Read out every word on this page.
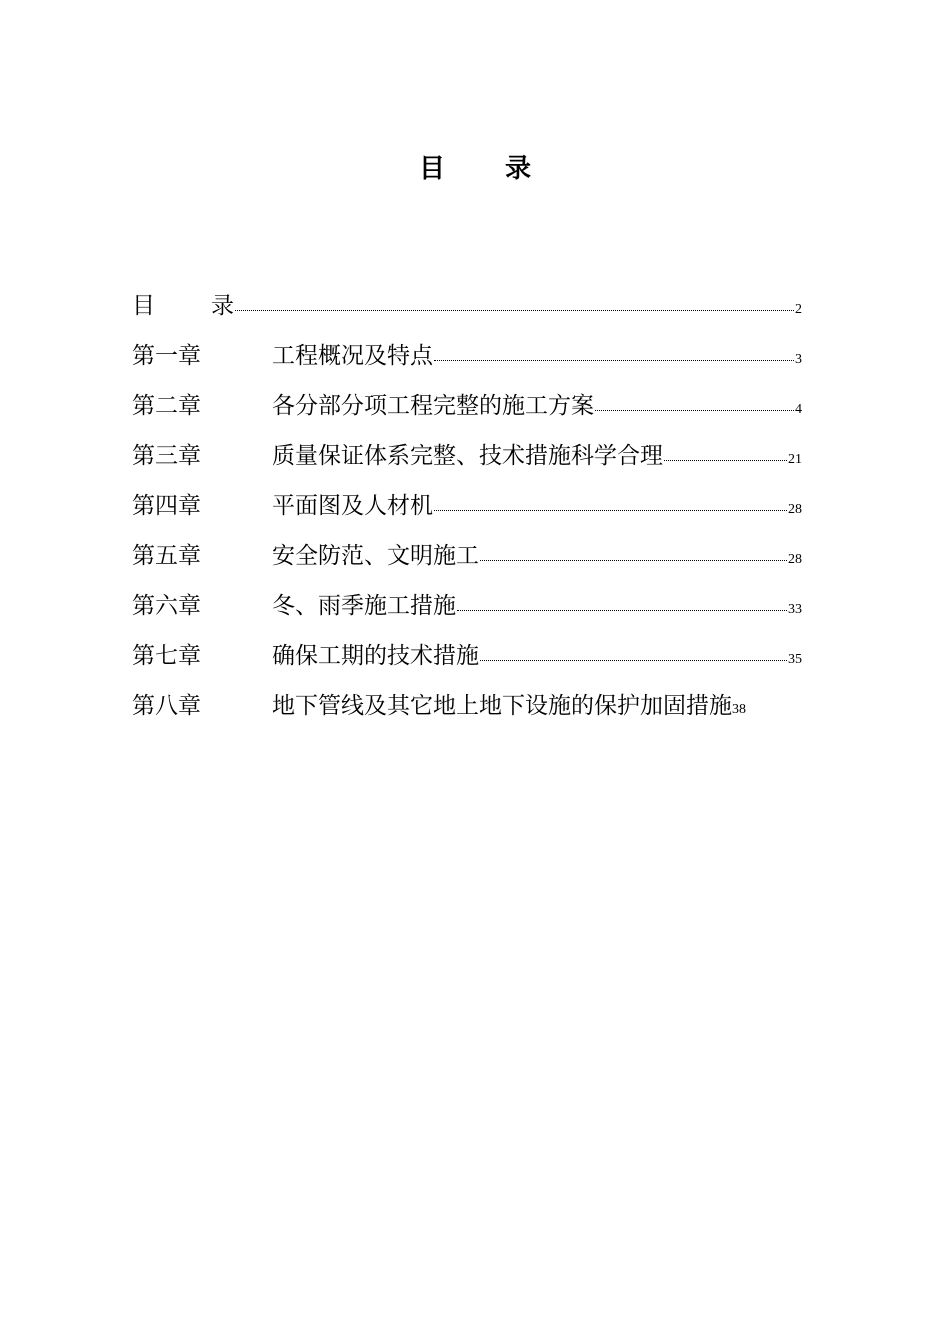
目 录
目 录	2
第一章	工程概况及特点	3
第二章	各分部分项工程完整的施工方案	4
第三章	质量保证体系完整、技术措施科学合理	21
第四章	平面图及人材机	28
第五章	安全防范、文明施工	28
第六章	冬、雨季施工措施	33
第七章	确保工期的技术措施	35
第八章	地下管线及其它地上地下设施的保护加固措施 38
